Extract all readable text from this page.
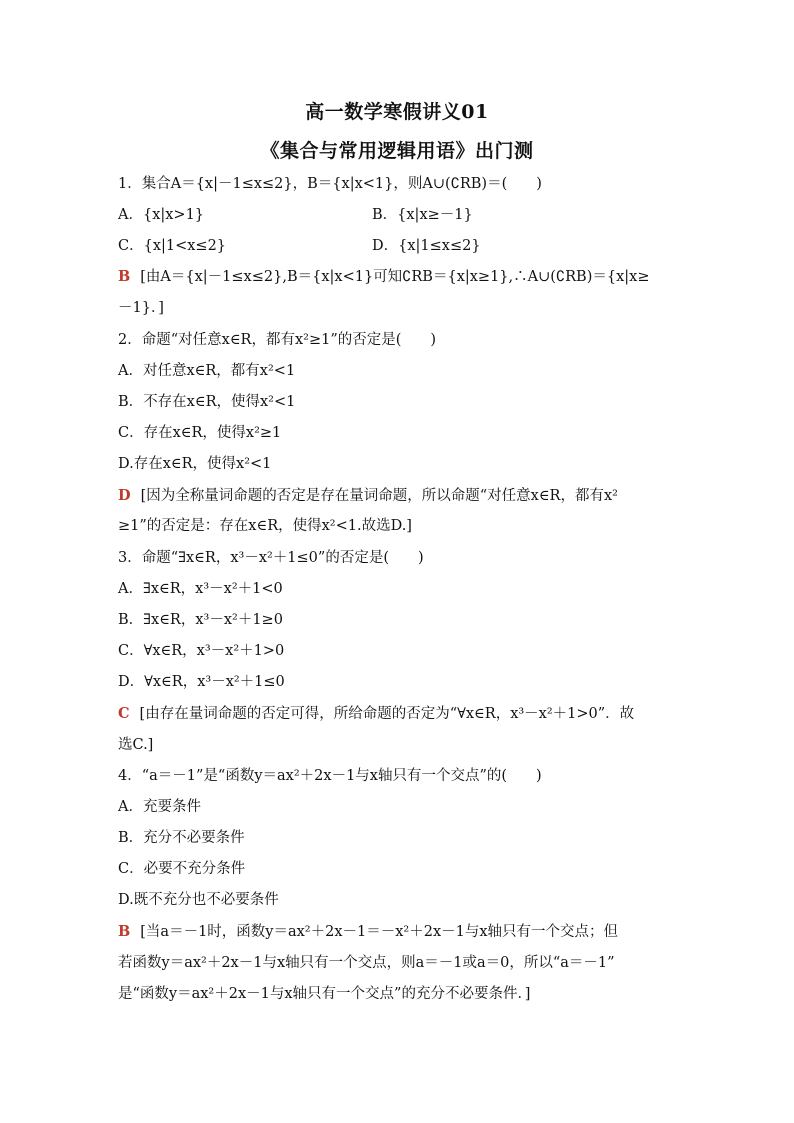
高一数学寒假讲义01
《集合与常用逻辑用语》出门测
1．集合A＝{x|－1≤x≤2}，B＝{x|x<1}，则A∪(∁RB)＝(　　)
A．{x|x>1}	B．{x|x≥－1}
C．{x|1<x≤2}	D．{x|1≤x≤2}
B [由A＝{x|－1≤x≤2},B＝{x|x<1}可知∁RB＝{x|x≥1},∴A∪(∁RB)＝{x|x≥
－1}．]
2．命题“对任意x∈R，都有x²≥1”的否定是(　　)
A．对任意x∈R，都有x²<1
B．不存在x∈R，使得x²<1
C．存在x∈R，使得x²≥1
D.存在x∈R，使得x²<1
D [因为全称量词命题的否定是存在量词命题，所以命题“对任意x∈R，都有x²
≥1”的否定是：存在x∈R，使得x²<1.故选D.]
3．命题“∃x∈R，x³－x²＋1≤0”的否定是(　　)
A．∃x∈R，x³－x²＋1<0
B．∃x∈R，x³－x²＋1≥0
C．∀x∈R，x³－x²＋1>0
D．∀x∈R，x³－x²＋1≤0
C [由存在量词命题的否定可得，所给命题的否定为“∀x∈R，x³－x²＋1>0”．故
选C.]
4．“a＝－1”是“函数y＝ax²＋2x－1与x轴只有一个交点”的(　　)
A．充要条件
B．充分不必要条件
C．必要不充分条件
D.既不充分也不必要条件
B [当a＝－1时，函数y＝ax²＋2x－1＝－x²＋2x－1与x轴只有一个交点；但
若函数y＝ax²＋2x－1与x轴只有一个交点，则a＝－1或a＝0，所以“a＝－1”
是“函数y＝ax²＋2x－1与x轴只有一个交点”的充分不必要条件．]
